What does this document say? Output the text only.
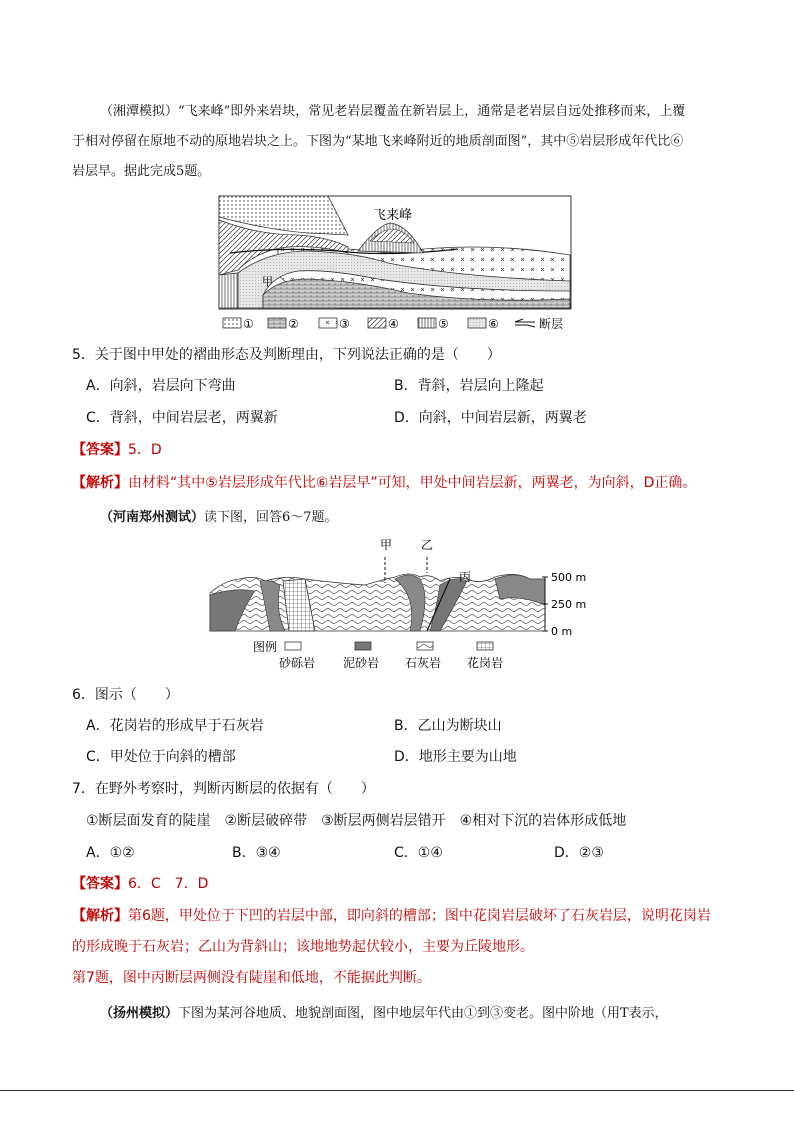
（湘潭模拟）“飞来峰”即外来岩块，常见老岩层覆盖在新岩层上，通常是老岩层自远处推移而来，上覆
于相对停留在原地不动的原地岩块之上。下图为“某地飞来峰附近的地质剖面图”，其中⑤岩层形成年代比⑥
岩层早。据此完成5题。
飞来峰
甲
①	②	③	④	⑤	⑥	断层
5．关于图中甲处的褶曲形态及判断理由，下列说法正确的是（　　）
A．向斜，岩层向下弯曲	B．背斜，岩层向上隆起
C．背斜，中间岩层老，两翼新	D．向斜，中间岩层新，两翼老
【答案】5．D
【解析】由材料“其中⑤岩层形成年代比⑥岩层早”可知，甲处中间岩层新，两翼老，为向斜，D正确。
（河南郑州测试）读下图，回答6～7题。
甲 乙
丙	500 m
250 m
0 m
图例
砂砾岩 泥砂岩 石灰岩 花岗岩
6．图示（　　）
A．花岗岩的形成早于石灰岩	B．乙山为断块山
C．甲处位于向斜的槽部	D．地形主要为山地
7．在野外考察时，判断丙断层的依据有（　　）
①断层面发育的陡崖　②断层破碎带　③断层两侧岩层错开　④相对下沉的岩体形成低地
A．①②	B．③④	C．①④	D．②③
【答案】6．C　7．D
【解析】第6题，甲处位于下凹的岩层中部，即向斜的槽部；图中花岗岩层破坏了石灰岩层，说明花岗岩
的形成晚于石灰岩；乙山为背斜山；该地地势起伏较小，主要为丘陵地形。
第7题，图中丙断层两侧没有陡崖和低地，不能据此判断。
（扬州模拟）下图为某河谷地质、地貌剖面图，图中地层年代由①到③变老。图中阶地（用T表示，
